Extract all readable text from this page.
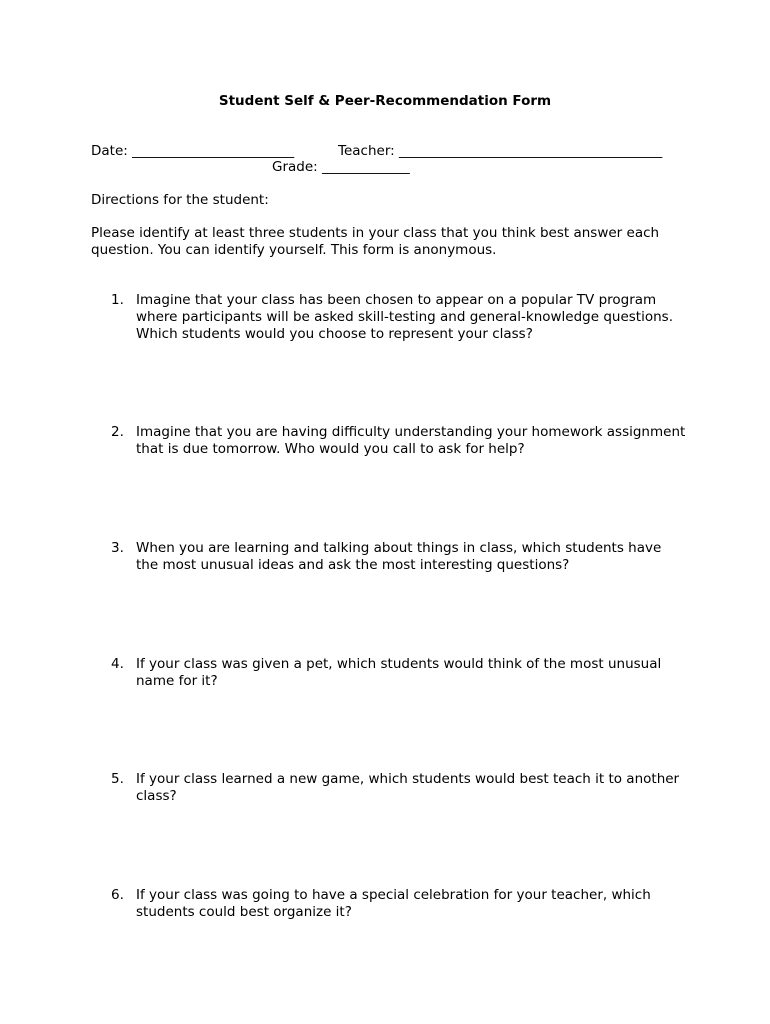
Student Self & Peer-Recommendation Form
Date: ________________________	Teacher: _______________________________________
Grade: _____________
Directions for the student:
Please identify at least three students in your class that you think best answer each question. You can identify yourself. This form is anonymous.
1. Imagine that your class has been chosen to appear on a popular TV program where participants will be asked skill-testing and general-knowledge questions. Which students would you choose to represent your class?
2. Imagine that you are having difficulty understanding your homework assignment that is due tomorrow. Who would you call to ask for help?
3. When you are learning and talking about things in class, which students have the most unusual ideas and ask the most interesting questions?
4. If your class was given a pet, which students would think of the most unusual name for it?
5. If your class learned a new game, which students would best teach it to another class?
6. If your class was going to have a special celebration for your teacher, which students could best organize it?
